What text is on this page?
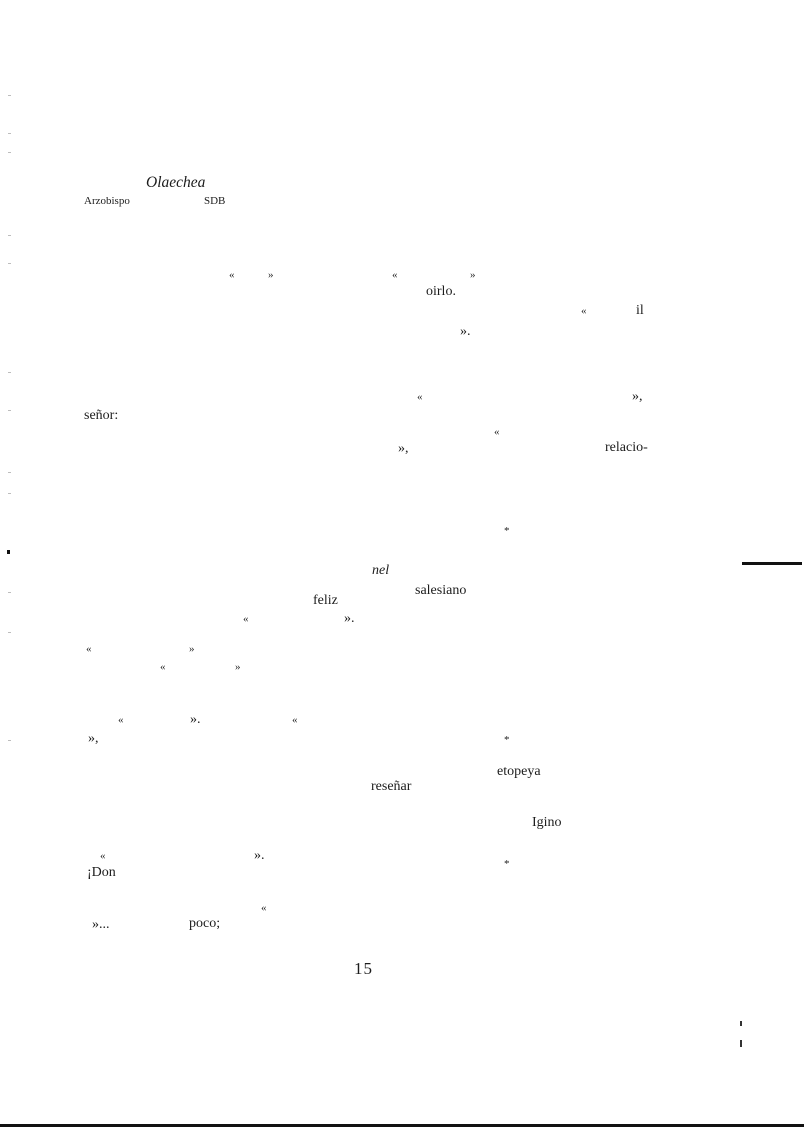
Olaechea
Arzobispo	SDB
«	»	«	»
oirlo.
«	il
».
«	»,
señor:
«
»,	relacio-
*
nel
salesiano
feliz
«	».
«	»
«	»
«	».	«
»,	*
etopeya
reseñar
Igino
«	».
*
¡Don
«
»...	poco;
15
